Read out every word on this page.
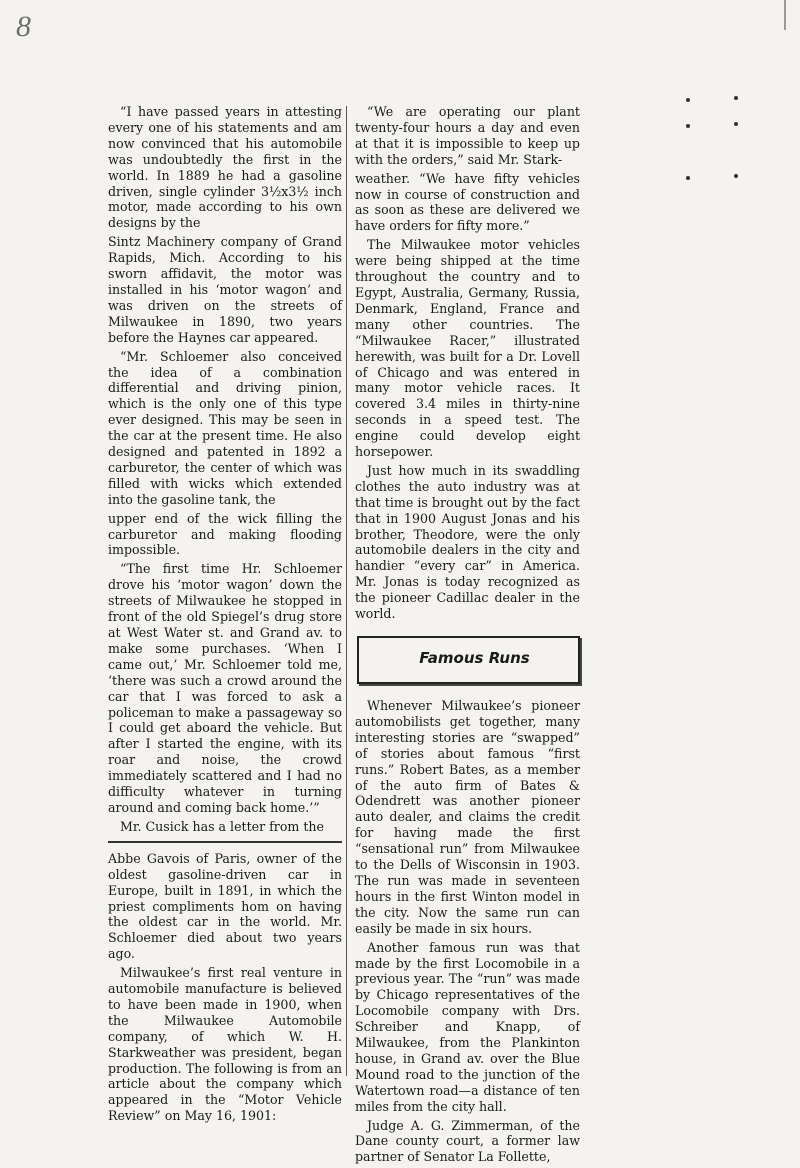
8

“I have passed years in attesting every one of his statements and am now convinced that his automobile was undoubtedly the first in the world. In 1889 he had a gasoline driven, single cylinder 3½x3½ inch motor, made according to his own designs by the

Sintz Machinery company of Grand Rapids, Mich. According to his sworn affidavit, the motor was installed in his ‘motor wagon’ and was driven on the streets of Milwaukee in 1890, two years before the Haynes car appeared.

“Mr. Schloemer also conceived the idea of a combination differential and driving pinion, which is the only one of this type ever designed. This may be seen in the car at the present time. He also designed and patented in 1892 a carburetor, the center of which was filled with wicks which extended into the gasoline tank, the

upper end of the wick filling the carburetor and making flooding impossible.

“The first time Hr. Schloemer drove his ‘motor wagon’ down the streets of Milwaukee he stopped in front of the old Spiegel’s drug store at West Water st. and Grand av. to make some purchases. ‘When I came out,’ Mr. Schloemer told me, ‘there was such a crowd around the car that I was forced to ask a policeman to make a passageway so I could get aboard the vehicle. But after I started the engine, with its roar and noise, the crowd immediately scattered and I had no difficulty whatever in turning around and coming back home.’”

Mr. Cusick has a letter from the

Abbe Gavois of Paris, owner of the oldest gasoline-driven car in Europe, built in 1891, in which the priest compliments hom on having the oldest car in the world. Mr. Schloemer died about two years ago.

Milwaukee’s first real venture in automobile manufacture is believed to have been made in 1900, when the Milwaukee Automobile company, of which W. H. Starkweather was president, began production. The following is from an article about the company which appeared in the “Motor Vehicle Review” on May 16, 1901:

“We are operating our plant twenty-four hours a day and even at that it is impossible to keep up with the orders,” said Mr. Stark-

weather. “We have fifty vehicles now in course of construction and as soon as these are delivered we have orders for fifty more.”

The Milwaukee motor vehicles were being shipped at the time throughout the country and to Egypt, Australia, Germany, Russia, Denmark, England, France and many other countries. The “Milwaukee Racer,” illustrated herewith, was built for a Dr. Lovell of Chicago and was entered in many motor vehicle races. It covered 3.4 miles in thirty-nine seconds in a speed test. The engine could develop eight horsepower.

Just how much in its swaddling clothes the auto industry was at that time is brought out by the fact that in 1900 August Jonas and his brother, Theodore, were the only automobile dealers in the city and handier “every car” in America. Mr. Jonas is today recognized as the pioneer Cadillac dealer in the world.

Famous Runs

Whenever Milwaukee’s pioneer automobilists get together, many interesting stories are “swapped” of stories about famous “first runs.” Robert Bates, as a member of the auto firm of Bates & Odendrett was another pioneer auto dealer, and claims the credit for having made the first “sensational run” from Milwaukee to the Dells of Wisconsin in 1903. The run was made in seventeen hours in the first Winton model in the city. Now the same run can easily be made in six hours.

Another famous run was that made by the first Locomobile in a previous year. The “run” was made by Chicago representatives of the Locomobile company with Drs. Schreiber and Knapp, of Milwaukee, from the Plankinton house, in Grand av. over the Blue Mound road to the junction of the Watertown road—a distance of ten miles from the city hall.

Judge A. G. Zimmerman, of the Dane county court, a former law partner of Senator La Follette,
